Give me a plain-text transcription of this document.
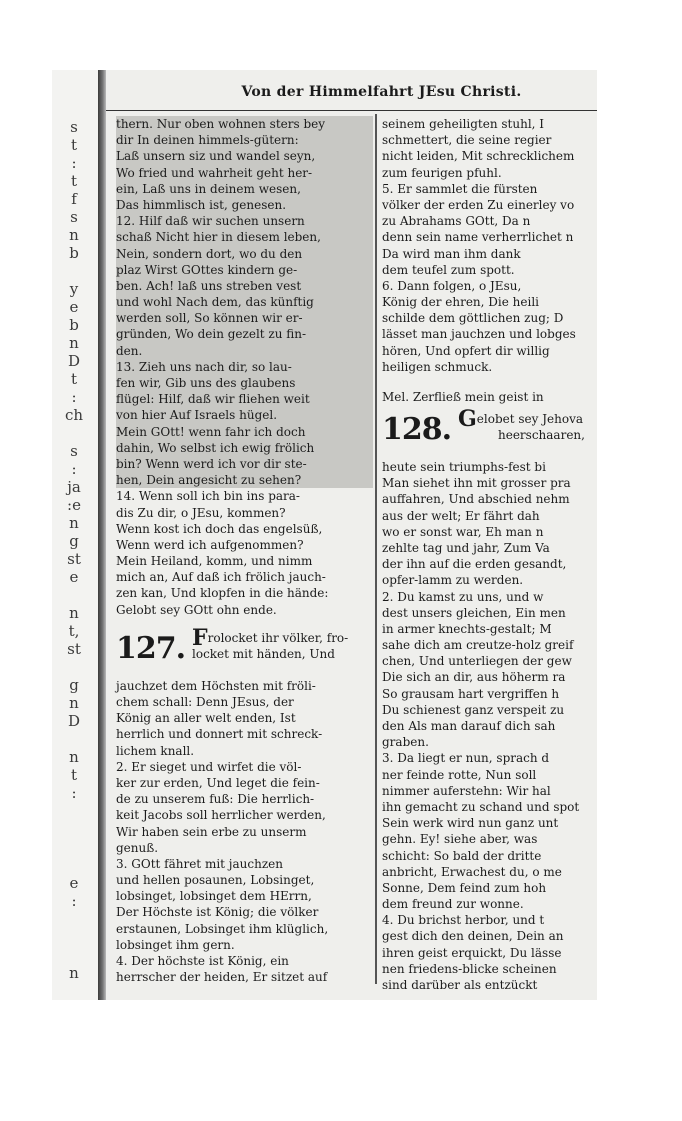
s
t
:
t
f
s
n
b

y
e
b
n
D
t
:
ch

s
:
ja
:e
n
g
st
e

n
t,
st

g
n
D

n
t
:

e
:

n
Von der Himmelfahrt JEsu Christi.
thern. Nur oben wohnen sters bey
dir In deinen himmels-gütern:
Laß unsern siz und wandel seyn,
Wo fried und wahrheit geht her-
ein, Laß uns in deinem wesen,
Das himmlisch ist, genesen.
12. Hilf daß wir suchen unsern
schaß Nicht hier in diesem leben,
Nein, sondern dort, wo du den
plaz Wirst GOttes kindern ge-
ben. Ach! laß uns streben vest
und wohl Nach dem, das künftig
werden soll, So können wir er-
gründen, Wo dein gezelt zu fin-
den.
13. Zieh uns nach dir, so lau-
fen wir, Gib uns des glaubens
flügel: Hilf, daß wir fliehen weit
von hier Auf Israels hügel.
Mein GOtt! wenn fahr ich doch
dahin, Wo selbst ich ewig frölich
bin? Wenn werd ich vor dir ste-
hen, Dein angesicht zu sehen?
14. Wenn soll ich bin ins para-
dis Zu dir, o JEsu, kommen?
Wenn kost ich doch das engelsüß,
Wenn werd ich aufgenommen?
Mein Heiland, komm, und nimm
mich an, Auf daß ich frölich jauch-
zen kan, Und klopfen in die hände:
Gelobt sey GOtt ohn ende.
127. Frolocket ihr völker, fro-
locket mit händen, Und
jauchzet dem Höchsten mit fröli-
chem schall: Denn JEsus, der
König an aller welt enden, Ist
herrlich und donnert mit schreck-
lichem knall.
2. Er sieget und wirfet die völ-
ker zur erden, Und leget die fein-
de zu unserem fuß: Die herrlich-
keit Jacobs soll herrlicher werden,
Wir haben sein erbe zu unserm
genuß.
3. GOtt fähret mit jauchzen
und hellen posaunen, Lobsinget,
lobsinget, lobsinget dem HErrn,
Der Höchste ist König; die völker
erstaunen, Lobsinget ihm klüglich,
lobsinget ihm gern.
4. Der höchste ist König, ein
herrscher der heiden, Er sitzet auf
seinem geheiligten stuhl, I
schmettert, die seine regier
nicht leiden, Mit schrecklichem
zum feurigen pfuhl.
5. Er sammlet die fürsten
völker der erden Zu einerley vo
zu Abrahams GOtt, Da n
denn sein name verherrlichet n
Da wird man ihm dank
dem teufel zum spott.
6. Dann folgen, o JEsu,
König der ehren, Die heili
schilde dem göttlichen zug; D
lässet man jauchzen und lobges
hören, Und opfert dir willig
heiligen schmuck.
Mel. Zerfließ mein geist in
128. Gelobet sey Jehova
heerschaaren,
heute sein triumphs-fest bi
Man siehet ihn mit grosser pra
auffahren, Und abschied nehm
aus der welt; Er fährt dah
wo er sonst war, Eh man n
zehlte tag und jahr, Zum Va
der ihn auf die erden gesandt,
opfer-lamm zu werden.
2. Du kamst zu uns, und w
dest unsers gleichen, Ein men
in armer knechts-gestalt; M
sahe dich am creutze-holz greif
chen, Und unterliegen der gew
Die sich an dir, aus höherm ra
So grausam hart vergriffen h
Du schienest ganz verspeit zu
den Als man darauf dich sah
graben.
3. Da liegt er nun, sprach d
ner feinde rotte, Nun soll
nimmer auferstehn: Wir hal
ihn gemacht zu schand und spot
Sein werk wird nun ganz unt
gehn. Ey! siehe aber, was
schicht: So bald der dritte
anbricht, Erwachest du, o me
Sonne, Dem feind zum hoh
dem freund zur wonne.
4. Du brichst herbor, und t
gest dich den deinen, Dein an
ihren geist erquickt, Du lässe
nen friedens-blicke scheinen
sind darüber als entzückt
